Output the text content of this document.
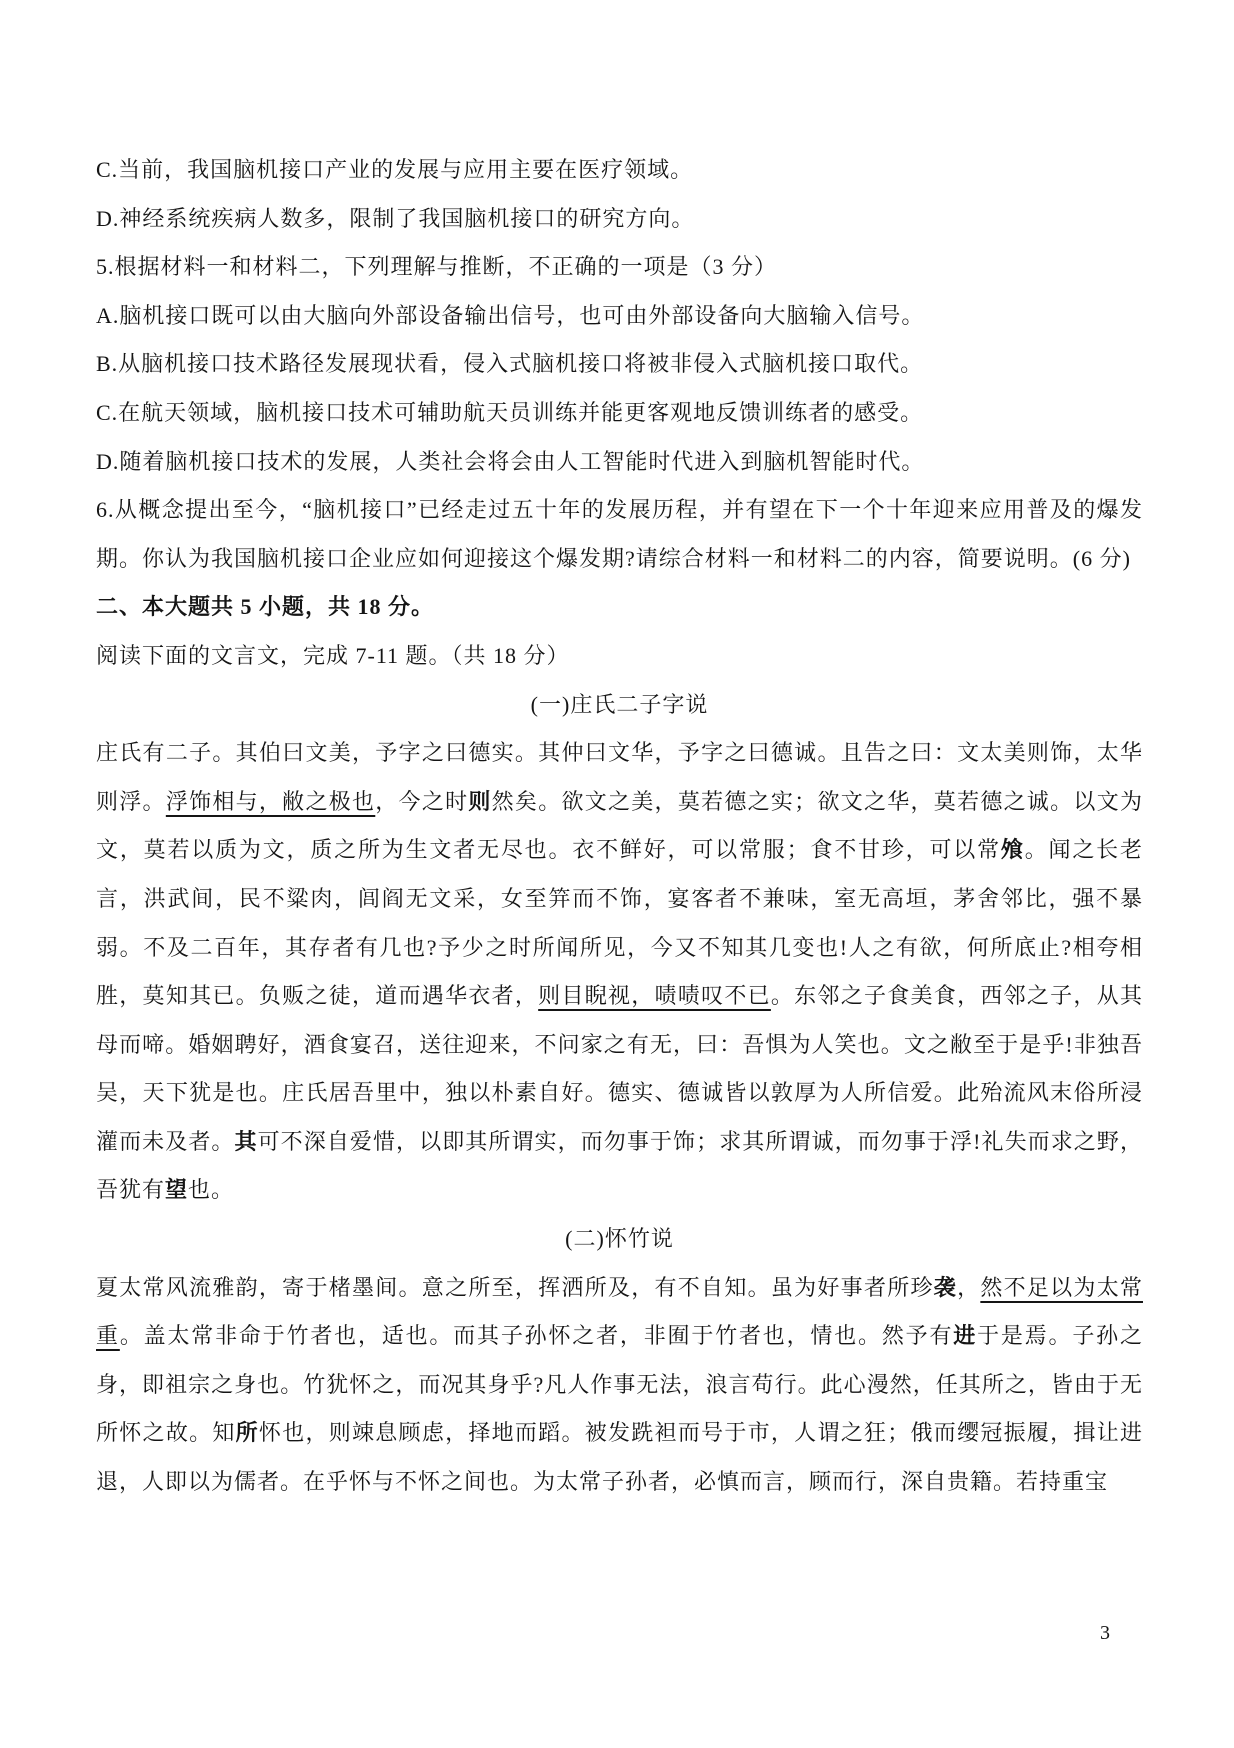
C.当前，我国脑机接口产业的发展与应用主要在医疗领域。

D.神经系统疾病人数多，限制了我国脑机接口的研究方向。

5.根据材料一和材料二，下列理解与推断，不正确的一项是（3 分）

A.脑机接口既可以由大脑向外部设备输出信号，也可由外部设备向大脑输入信号。

B.从脑机接口技术路径发展现状看，侵入式脑机接口将被非侵入式脑机接口取代。

C.在航天领域，脑机接口技术可辅助航天员训练并能更客观地反馈训练者的感受。

D.随着脑机接口技术的发展，人类社会将会由人工智能时代进入到脑机智能时代。

6.从概念提出至今，“脑机接口”已经走过五十年的发展历程，并有望在下一个十年迎来应用普及的爆发期。你认为我国脑机接口企业应如何迎接这个爆发期?请综合材料一和材料二的内容，简要说明。(6 分)

二、本大题共 5 小题，共 18 分。

阅读下面的文言文，完成 7-11 题。（共 18 分）

(一)庄氏二子字说

庄氏有二子。其伯曰文美，予字之曰德实。其仲曰文华，予字之曰德诚。且告之曰：文太美则饰，太华则浮。浮饰相与，敝之极也，今之时则然矣。欲文之美，莫若德之实；欲文之华，莫若德之诚。以文为文，莫若以质为文，质之所为生文者无尽也。衣不鲜好，可以常服；食不甘珍，可以常飧。闻之长老言，洪武间，民不粱肉，闾阎无文采，女至笄而不饰，宴客者不兼味，室无高垣，茅舍邻比，强不暴弱。不及二百年，其存者有几也?予少之时所闻所见，今又不知其几变也!人之有欲，何所底止?相夸相胜，莫知其已。负贩之徒，道而遇华衣者，则目睨视，啧啧叹不已。东邻之子食美食，西邻之子，从其母而啼。婚姻聘好，酒食宴召，送往迎来，不问家之有无，曰：吾惧为人笑也。文之敝至于是乎!非独吾吴，天下犹是也。庄氏居吾里中，独以朴素自好。德实、德诚皆以敦厚为人所信爱。此殆流风末俗所浸灌而未及者。其可不深自爱惜，以即其所谓实，而勿事于饰；求其所谓诚，而勿事于浮!礼失而求之野，吾犹有望也。

(二)怀竹说

夏太常风流雅韵，寄于楮墨间。意之所至，挥洒所及，有不自知。虽为好事者所珍袭，然不足以为太常重。盖太常非命于竹者也，适也。而其子孙怀之者，非囿于竹者也，情也。然予有进于是焉。子孙之身，即祖宗之身也。竹犹怀之，而况其身乎?凡人作事无法，浪言苟行。此心漫然，任其所之，皆由于无所怀之故。知所怀也，则竦息顾虑，择地而蹈。被发跣袒而号于市，人谓之狂；俄而缨冠振履，揖让进退，人即以为儒者。在乎怀与不怀之间也。为太常子孙者，必慎而言，顾而行，深自贵籍。若持重宝

3
